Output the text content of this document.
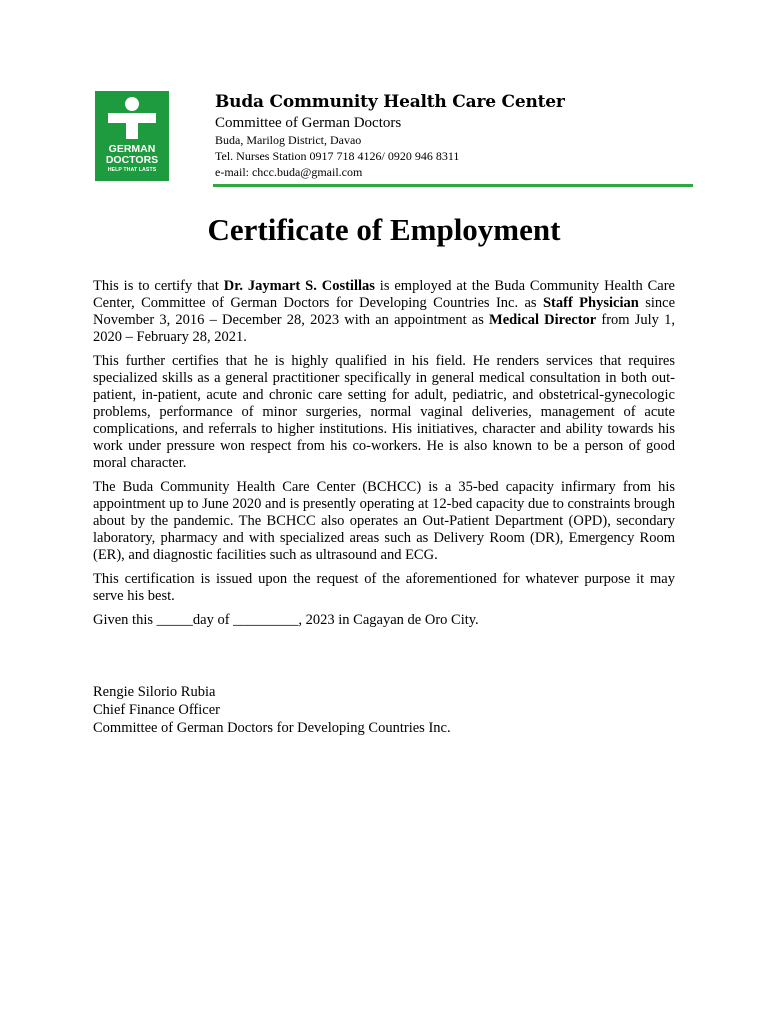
GERMAN
DOCTORS
HELP THAT LASTS
Buda Community Health Care Center
Committee of German Doctors
Buda, Marilog District, Davao
Tel. Nurses Station 0917 718 4126/ 0920 946 8311
e-mail: chcc.buda@gmail.com
Certificate of Employment

This is to certify that Dr. Jaymart S. Costillas is employed at the Buda Community Health Care Center, Committee of German Doctors for Developing Countries Inc. as Staff Physician since November 3, 2016 – December 28, 2023 with an appointment as Medical Director from July 1, 2020 – February 28, 2021.

This further certifies that he is highly qualified in his field. He renders services that requires specialized skills as a general practitioner specifically in general medical consultation in both out-patient, in-patient, acute and chronic care setting for adult, pediatric, and obstetrical-gynecologic problems, performance of minor surgeries, normal vaginal deliveries, management of acute complications, and referrals to higher institutions. His initiatives, character and ability towards his work under pressure won respect from his co-workers. He is also known to be a person of good moral character.

The Buda Community Health Care Center (BCHCC) is a 35-bed capacity infirmary from his appointment up to June 2020 and is presently operating at 12-bed capacity due to constraints brough about by the pandemic. The BCHCC also operates an Out-Patient Department (OPD), secondary laboratory, pharmacy and with specialized areas such as Delivery Room (DR), Emergency Room (ER), and diagnostic facilities such as ultrasound and ECG.

This certification is issued upon the request of the aforementioned for whatever purpose it may serve his best.

Given this _____day of _________, 2023 in Cagayan de Oro City.

Rengie Silorio Rubia
Chief Finance Officer
Committee of German Doctors for Developing Countries Inc.
